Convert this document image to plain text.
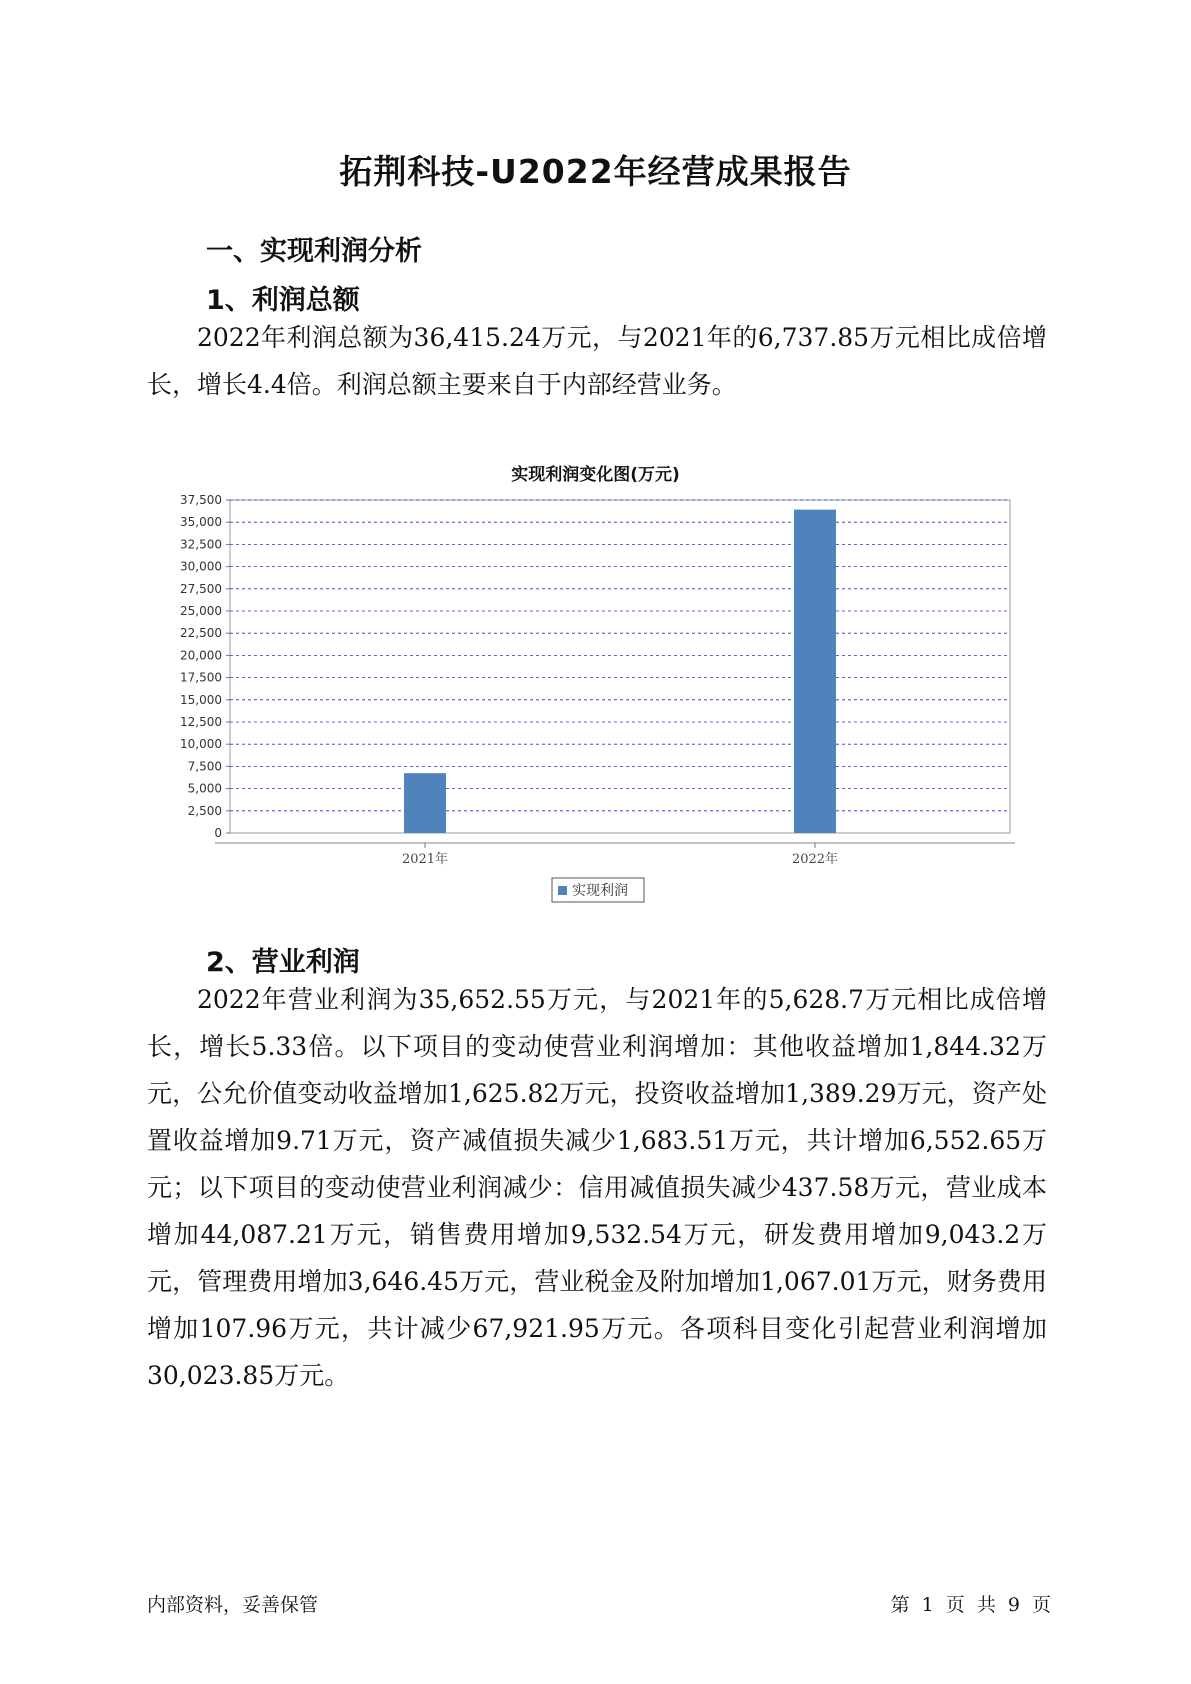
拓荆科技-U2022年经营成果报告
一、实现利润分析
1、利润总额

2022年利润总额为36,415.24万元，与2021年的6,737.85万元相比成倍增长，增长4.4倍。利润总额主要来自于内部经营业务。

实现利润变化图(万元)
0
2,500
5,000
7,500
10,000
12,500
15,000
17,500
20,000
22,500
25,000
27,500
30,000
32,500
35,000
37,500
2021年	2022年
实现利润
2、营业利润

2022年营业利润为35,652.55万元，与2021年的5,628.7万元相比成倍增长，增长5.33倍。以下项目的变动使营业利润增加：其他收益增加1,844.32万元，公允价值变动收益增加1,625.82万元，投资收益增加1,389.29万元，资产处置收益增加9.71万元，资产减值损失减少1,683.51万元，共计增加6,552.65万元；以下项目的变动使营业利润减少：信用减值损失减少437.58万元，营业成本增加44,087.21万元，销售费用增加9,532.54万元，研发费用增加9,043.2万元，管理费用增加3,646.45万元，营业税金及附加增加1,067.01万元，财务费用增加107.96万元，共计减少67,921.95万元。各项科目变化引起营业利润增加30,023.85万元。

内部资料，妥善保管	第 1 页 共 9 页
